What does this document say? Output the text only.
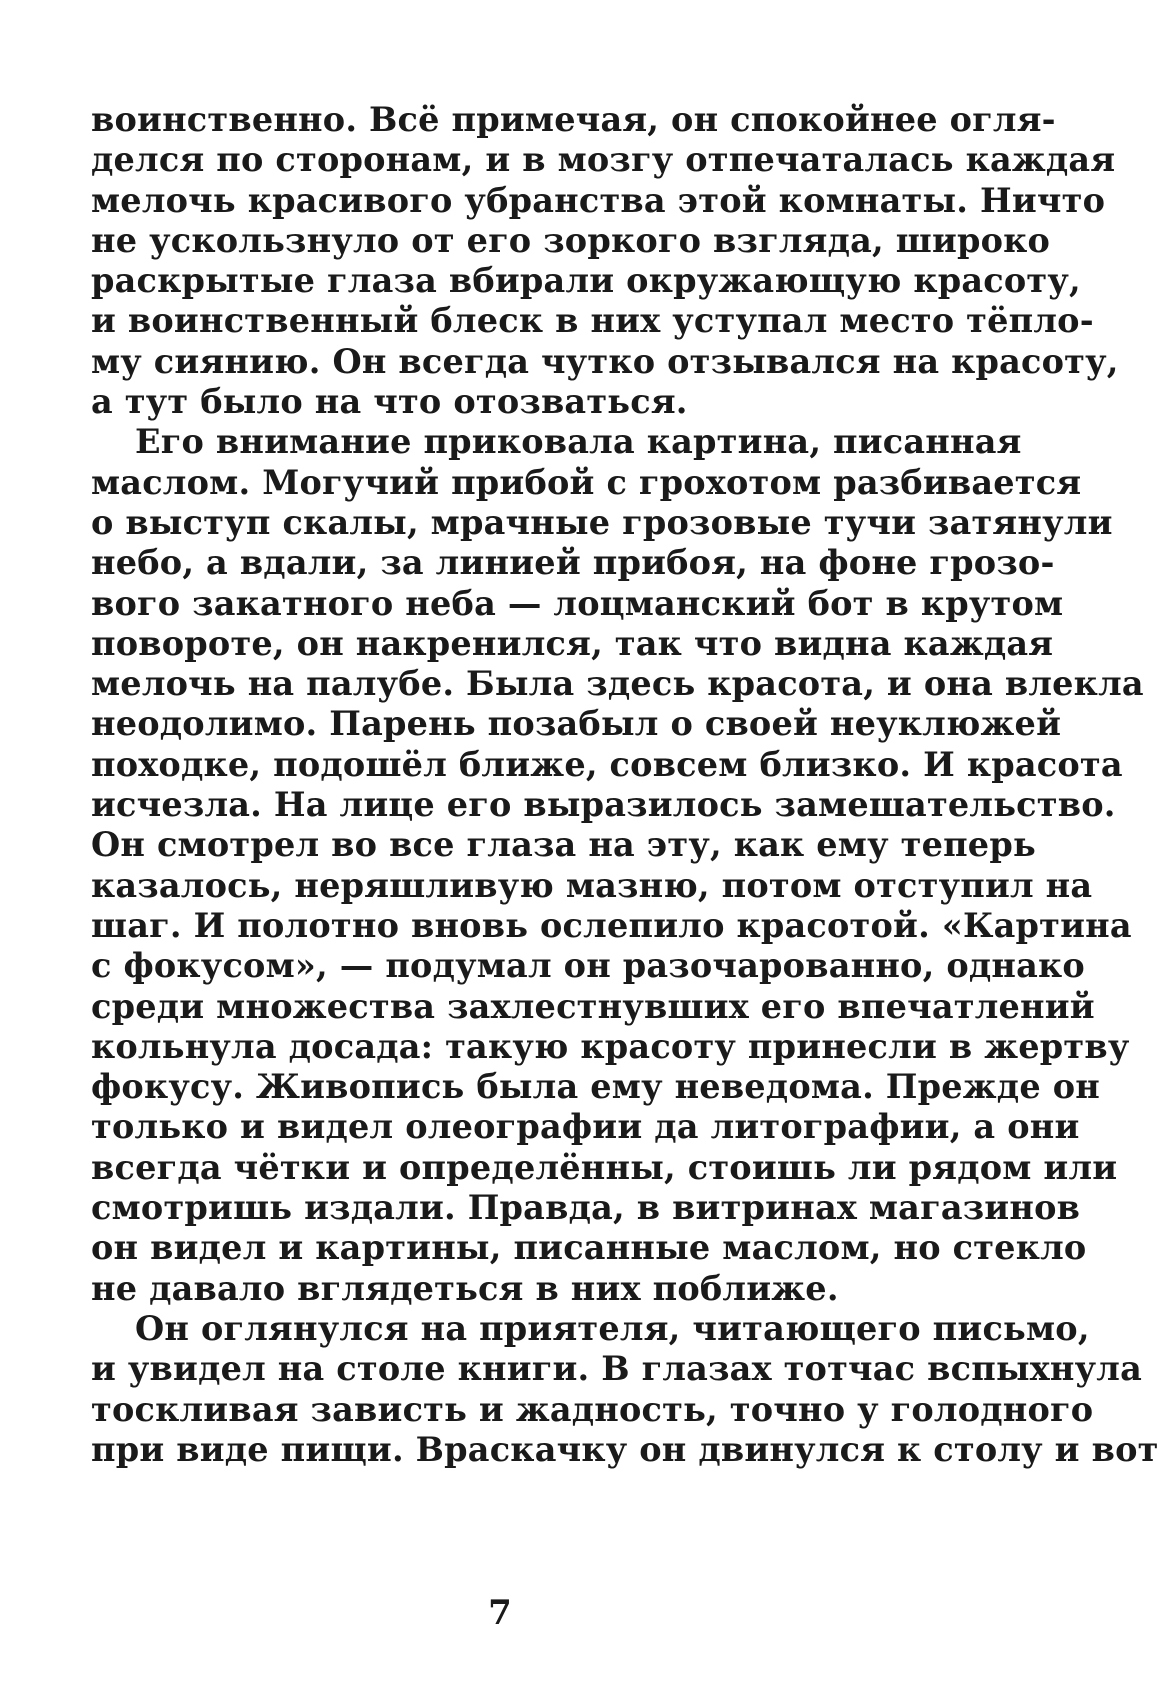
воинственно. Всё примечая, он спокойнее огля-
делся по сторонам, и в мозгу отпечаталась каждая
мелочь красивого убранства этой комнаты. Ничто
не ускользнуло от его зоркого взгляда, широко
раскрытые глаза вбирали окружающую красоту,
и воинственный блеск в них уступал место тёпло-
му сиянию. Он всегда чутко отзывался на красоту,
а тут было на что отозваться.

Его внимание приковала картина, писанная
маслом. Могучий прибой с грохотом разбивается
о выступ скалы, мрачные грозовые тучи затянули
небо, а вдали, за линией прибоя, на фоне грозо-
вого закатного неба — лоцманский бот в крутом
повороте, он накренился, так что видна каждая
мелочь на палубе. Была здесь красота, и она влекла
неодолимо. Парень позабыл о своей неуклюжей
походке, подошёл ближе, совсем близко. И красота
исчезла. На лице его выразилось замешательство.
Он смотрел во все глаза на эту, как ему теперь
казалось, неряшливую мазню, потом отступил на
шаг. И полотно вновь ослепило красотой. «Картина
с фокусом», — подумал он разочарованно, однако
среди множества захлестнувших его впечатлений
кольнула досада: такую красоту принесли в жертву
фокусу. Живопись была ему неведома. Прежде он
только и видел олеографии да литографии, а они
всегда чётки и определённы, стоишь ли рядом или
смотришь издали. Правда, в витринах магазинов
он видел и картины, писанные маслом, но стекло
не давало вглядеться в них поближе.

Он оглянулся на приятеля, читающего письмо,
и увидел на столе книги. В глазах тотчас вспыхнула
тоскливая зависть и жадность, точно у голодного
при виде пищи. Враскачку он двинулся к столу и вот

7
